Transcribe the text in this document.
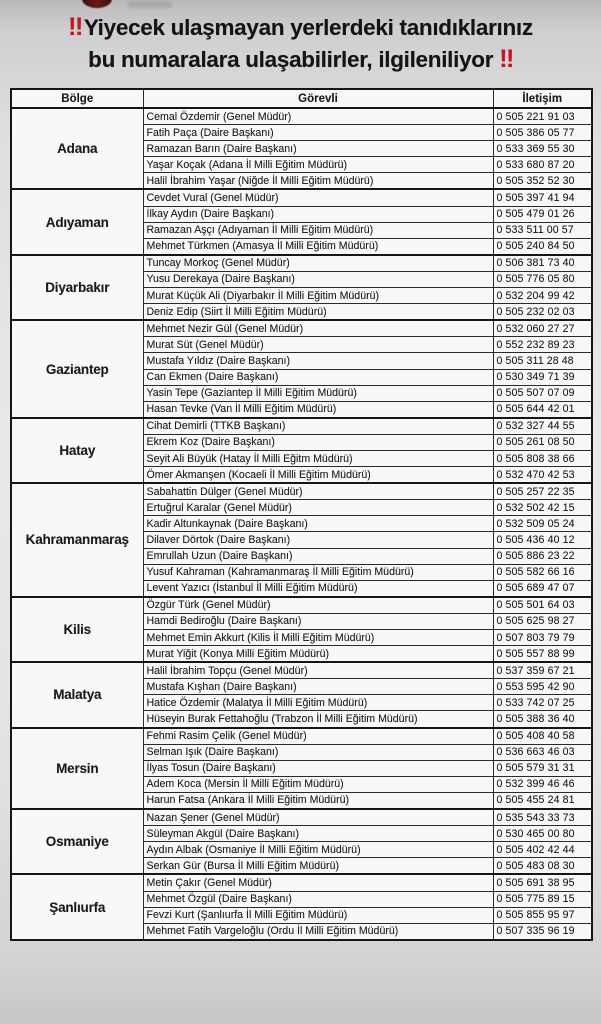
!!Yiyecek ulaşmayan yerlerdeki tanıdıklarınız
bu numaralara ulaşabilirler, ilgileniliyor !!
Bölge	Görevli	İletişim
Adana	Cemal Özdemir (Genel Müdür)	0 505 221 91 03
	Fatih Paça (Daire Başkanı)	0 505 386 05 77
	Ramazan Barın (Daire Başkanı)	0 533 369 55 30
	Yaşar Koçak (Adana İl Milli Eğitim Müdürü)	0 533 680 87 20
	Halil İbrahim Yaşar (Niğde İl Milli Eğitim Müdürü)	0 505 352 52 30
Adıyaman	Cevdet Vural (Genel Müdür)	0 505 397 41 94
	İlkay Aydın (Daire Başkanı)	0 505 479 01 26
	Ramazan Aşçı (Adıyaman İl Milli Eğitim Müdürü)	0 533 511 00 57
	Mehmet Türkmen (Amasya İl Milli Eğitim Müdürü)	0 505 240 84 50
Diyarbakır	Tuncay Morkoç (Genel Müdür)	0 506 381 73 40
	Yusu Derekaya (Daire Başkanı)	0 505 776 05 80
	Murat Küçük Ali (Diyarbakır İl Milli Eğitim Müdürü)	0 532 204 99 42
	Deniz Edip (Siirt İl Milli Eğitim Müdürü)	0 505 232 02 03
Gaziantep	Mehmet Nezir Gül (Genel Müdür)	0 532 060 27 27
	Murat Süt (Genel Müdür)	0 552 232 89 23
	Mustafa Yıldız (Daire Başkanı)	0 505 311 28 48
	Can Ekmen (Daire Başkanı)	0 530 349 71 39
	Yasin Tepe (Gaziantep İl Milli Eğitim Müdürü)	0 505 507 07 09
	Hasan Tevke (Van İl Milli Eğitim Müdürü)	0 505 644 42 01
Hatay	Cihat Demirli (TTKB Başkanı)	0 532 327 44 55
	Ekrem Koz (Daire Başkanı)	0 505 261 08 50
	Seyit Ali Büyük (Hatay İl Milli Eğitm Müdürü)	0 505 808 38 66
	Ömer Akmanşen (Kocaeli İl Milli Eğitim Müdürü)	0 532 470 42 53
Kahramanmaraş	Sabahattin Dülger (Genel Müdür)	0 505 257 22 35
	Ertuğrul Karalar (Genel Müdür)	0 532 502 42 15
	Kadir Altunkaynak (Daire Başkanı)	0 532 509 05 24
	Dilaver Dörtok (Daire Başkanı)	0 505 436 40 12
	Emrullah Uzun (Daire Başkanı)	0 505 886 23 22
	Yusuf Kahraman (Kahramanmaraş İl Milli Eğitim Müdürü)	0 505 582 66 16
	Levent Yazıcı (İstanbul İl Milli Eğitim Müdürü)	0 505 689 47 07
Kilis	Özgür Türk (Genel Müdür)	0 505 501 64 03
	Hamdi Bediroğlu (Daire Başkanı)	0 505 625 98 27
	Mehmet Emin Akkurt (Kilis İl Milli Eğitim Müdürü)	0 507 803 79 79
	Murat Yiğit (Konya Milli Eğitim Müdürü)	0 505 557 88 99
Malatya	Halil İbrahim Topçu (Genel Müdür)	0 537 359 67 21
	Mustafa Kışhan (Daire Başkanı)	0 553 595 42 90
	Hatice Özdemir (Malatya İl Milli Eğitim Müdürü)	0 533 742 07 25
	Hüseyin Burak Fettahoğlu (Trabzon İl Milli Eğitim Müdürü)	0 505 388 36 40
Mersin	Fehmi Rasim Çelik (Genel Müdür)	0 505 408 40 58
	Selman Işık (Daire Başkanı)	0 536 663 46 03
	İlyas Tosun (Daire Başkanı)	0 505 579 31 31
	Adem Koca (Mersin İl Milli Eğitim Müdürü)	0 532 399 46 46
	Harun Fatsa (Ankara İl Milli Eğitim Müdürü)	0 505 455 24 81
Osmaniye	Nazan Şener (Genel Müdür)	0 535 543 33 73
	Süleyman Akgül (Daire Başkanı)	0 530 465 00 80
	Aydın Albak (Osmaniye İl Milli Eğitim Müdürü)	0 505 402 42 44
	Serkan Gür (Bursa İl Milli Eğitim Müdürü)	0 505 483 08 30
Şanlıurfa	Metin Çakır (Genel Müdür)	0 505 691 38 95
	Mehmet Özgül (Daire Başkanı)	0 505 775 89 15
	Fevzi Kurt (Şanlıurfa İl Milli Eğitim Müdürü)	0 505 855 95 97
	Mehmet Fatih Vargeloğlu (Ordu İl Milli Eğitim Müdürü)	0 507 335 96 19
